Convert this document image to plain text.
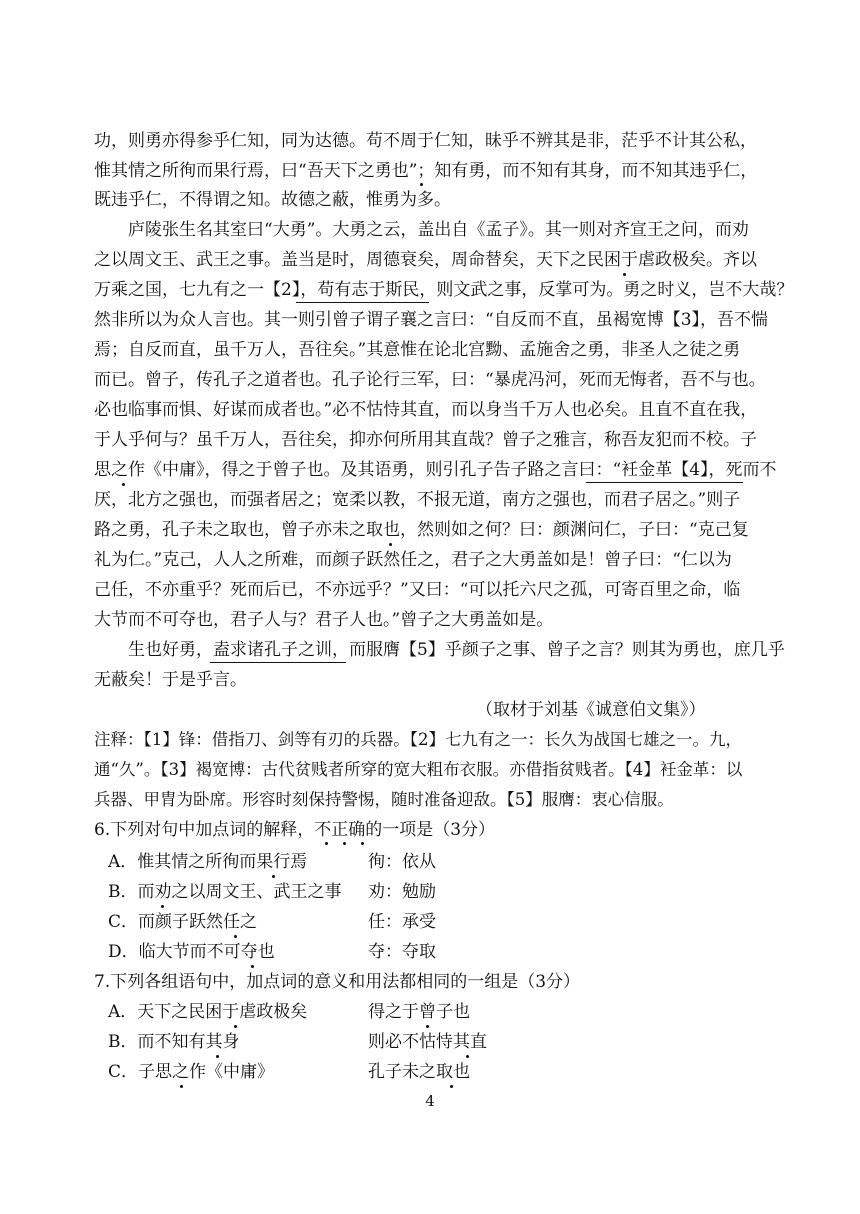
功，则勇亦得参乎仁知，同为达德。苟不周于仁知，昧乎不辨其是非，茫乎不计其公私，
惟其情之所徇而果行焉，曰“吾天下之勇也”；知有勇，而不知有其身，而不知其违乎仁，
既违乎仁，不得谓之知。故德之蔽，惟勇为多。
庐陵张生名其室曰“大勇”。大勇之云，盖出自《孟子》。其一则对齐宣王之问，而劝
之以周文王、武王之事。盖当是时，周德衰矣，周命替矣，天下之民困于虐政极矣。齐以
万乘之国，七九有之一【2】，苟有志于斯民，则文武之事，反掌可为。勇之时义，岂不大哉？
然非所以为众人言也。其一则引曾子谓子襄之言曰：“自反而不直，虽褐宽博【3】，吾不惴
焉；自反而直，虽千万人，吾往矣。”其意惟在论北宫黝、孟施舍之勇，非圣人之徒之勇
而已。曾子，传孔子之道者也。孔子论行三军，曰：“暴虎冯河，死而无悔者，吾不与也。
必也临事而惧、好谋而成者也。”必不怙恃其直，而以身当千万人也必矣。且直不直在我，
于人乎何与？虽千万人，吾往矣，抑亦何所用其直哉？曾子之雅言，称吾友犯而不校。子
思之作《中庸》，得之于曾子也。及其语勇，则引孔子告子路之言曰：“衽金革【4】，死而不
厌，北方之强也，而强者居之；宽柔以教，不报无道，南方之强也，而君子居之。”则子
路之勇，孔子未之取也，曾子亦未之取也，然则如之何？曰：颜渊问仁，子曰：“克己复
礼为仁。”克己，人人之所难，而颜子跃然任之，君子之大勇盖如是！曾子曰：“仁以为
己任，不亦重乎？死而后已，不亦远乎？”又曰：“可以托六尺之孤，可寄百里之命，临
大节而不可夺也，君子人与？君子人也。”曾子之大勇盖如是。
生也好勇，盍求诸孔子之训，而服膺【5】乎颜子之事、曾子之言？则其为勇也，庶几乎
无蔽矣！于是乎言。
（取材于刘基《诚意伯文集》）
注释：【1】锋：借指刀、剑等有刃的兵器。【2】七九有之一：长久为战国七雄之一。九，
通“久”。【3】褐宽博：古代贫贱者所穿的宽大粗布衣服。亦借指贫贱者。【4】衽金革：以
兵器、甲胄为卧席。形容时刻保持警惕，随时准备迎敌。【5】服膺：衷心信服。
6.下列对句中加点词的解释，不正确的一项是（3分）
A．惟其情之所徇而果行焉	徇：依从
B．而劝之以周文王、武王之事	劝：勉励
C．而颜子跃然任之	任：承受
D．临大节而不可夺也	夺：夺取
7.下列各组语句中，加点词的意义和用法都相同的一组是（3分）
A．天下之民困于虐政极矣	得之于曾子也
B．而不知有其身	则必不怙恃其直
C．子思之作《中庸》	孔子未之取也
4
